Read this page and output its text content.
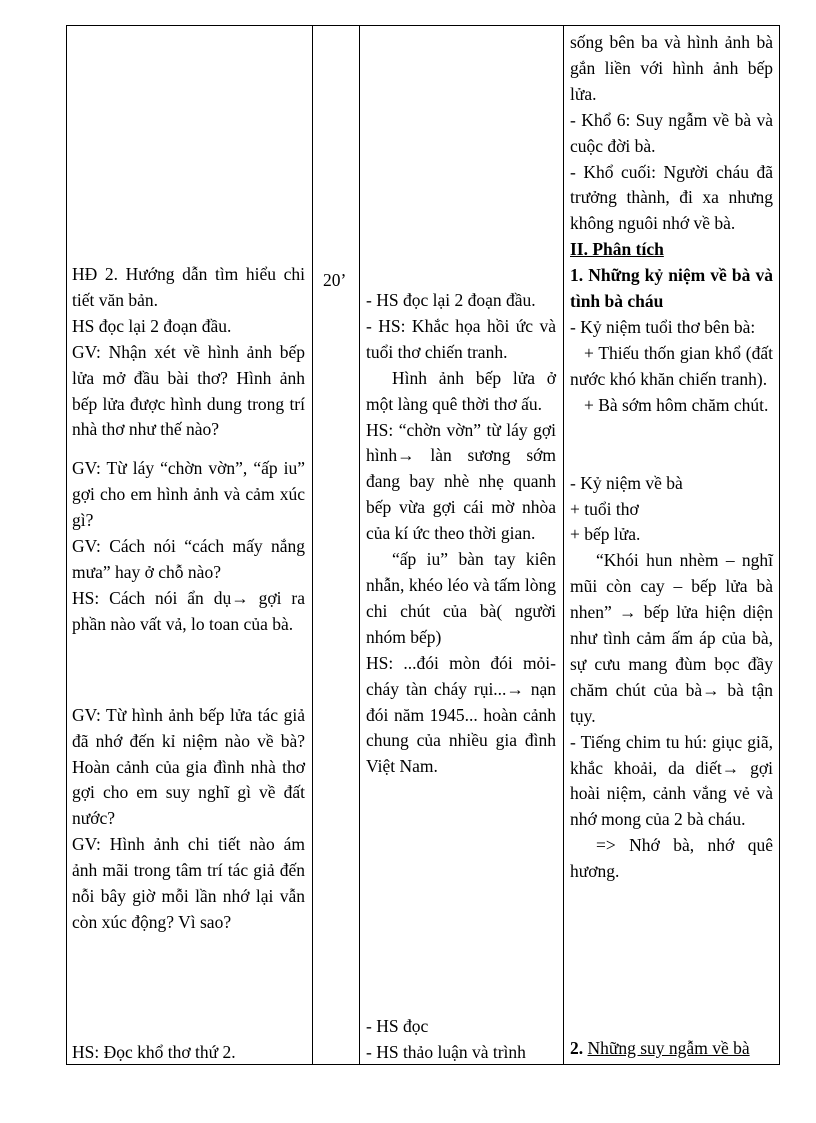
HĐ 2. Hướng dẫn tìm hiểu chi tiết văn bản.

HS đọc lại 2 đoạn đầu.

GV: Nhận xét về hình ảnh bếp lửa mở đầu bài thơ? Hình ảnh bếp lửa được hình dung trong trí nhà thơ như thế nào?

GV: Từ láy “chờn vờn”, “ấp iu” gợi cho em hình ảnh và cảm xúc gì?

GV: Cách nói “cách mấy nắng mưa” hay ở chỗ nào?

HS: Cách nói ẩn dụ→ gợi ra phần nào vất vả, lo toan của bà.

GV: Từ hình ảnh bếp lửa tác giả đã nhớ đến kỉ niệm nào về bà? Hoàn cảnh của gia đình nhà thơ gợi cho em suy nghĩ gì về đất nước?

GV: Hình ảnh chi tiết nào ám ảnh mãi trong tâm trí tác giả đến nỗi bây giờ mỗi lần nhớ lại vẫn còn xúc động? Vì sao?

HS: Đọc khổ thơ thứ 2.

20’

- HS đọc lại 2 đoạn đầu.

- HS: Khắc họa hồi ức và tuổi thơ chiến tranh.

Hình ảnh bếp lửa ở một làng quê thời thơ ấu.

HS: “chờn vờn” từ láy gợi hình→ làn sương sớm đang bay nhè nhẹ quanh bếp vừa gợi cái mờ nhòa của kí ức theo thời gian.

“ấp iu” bàn tay kiên nhẫn, khéo léo và tấm lòng chi chút của bà( người nhóm bếp)

HS: ...đói mòn đói mỏi- cháy tàn cháy rụi...→ nạn đói năm 1945... hoàn cảnh chung của nhiều gia đình Việt Nam.

- HS đọc

- HS thảo luận và trình

sống bên ba và hình ảnh bà gắn liền với hình ảnh bếp lửa.

- Khổ 6: Suy ngẫm về bà và cuộc đời bà.

- Khổ cuối: Người cháu đã trưởng thành, đi xa nhưng không nguôi nhớ về bà.

II. Phân tích

1. Những kỷ niệm về bà và tình bà cháu

- Kỷ niệm tuổi thơ bên bà:

+ Thiếu thốn gian khổ (đất nước khó khăn chiến tranh).

+ Bà sớm hôm chăm chút.

- Kỷ niệm về bà

+ tuổi thơ

+ bếp lửa.

“Khói hun nhèm – nghĩ mũi còn cay – bếp lửa bà nhen” → bếp lửa hiện diện như tình cảm ấm áp của bà, sự cưu mang đùm bọc đầy chăm chút của bà→ bà tận tụy.

- Tiếng chim tu hú: giục giã, khắc khoải, da diết→ gợi hoài niệm, cảnh vắng vẻ và nhớ mong của 2 bà cháu.

=> Nhớ bà, nhớ quê hương.

2. Những suy ngẫm về bà
